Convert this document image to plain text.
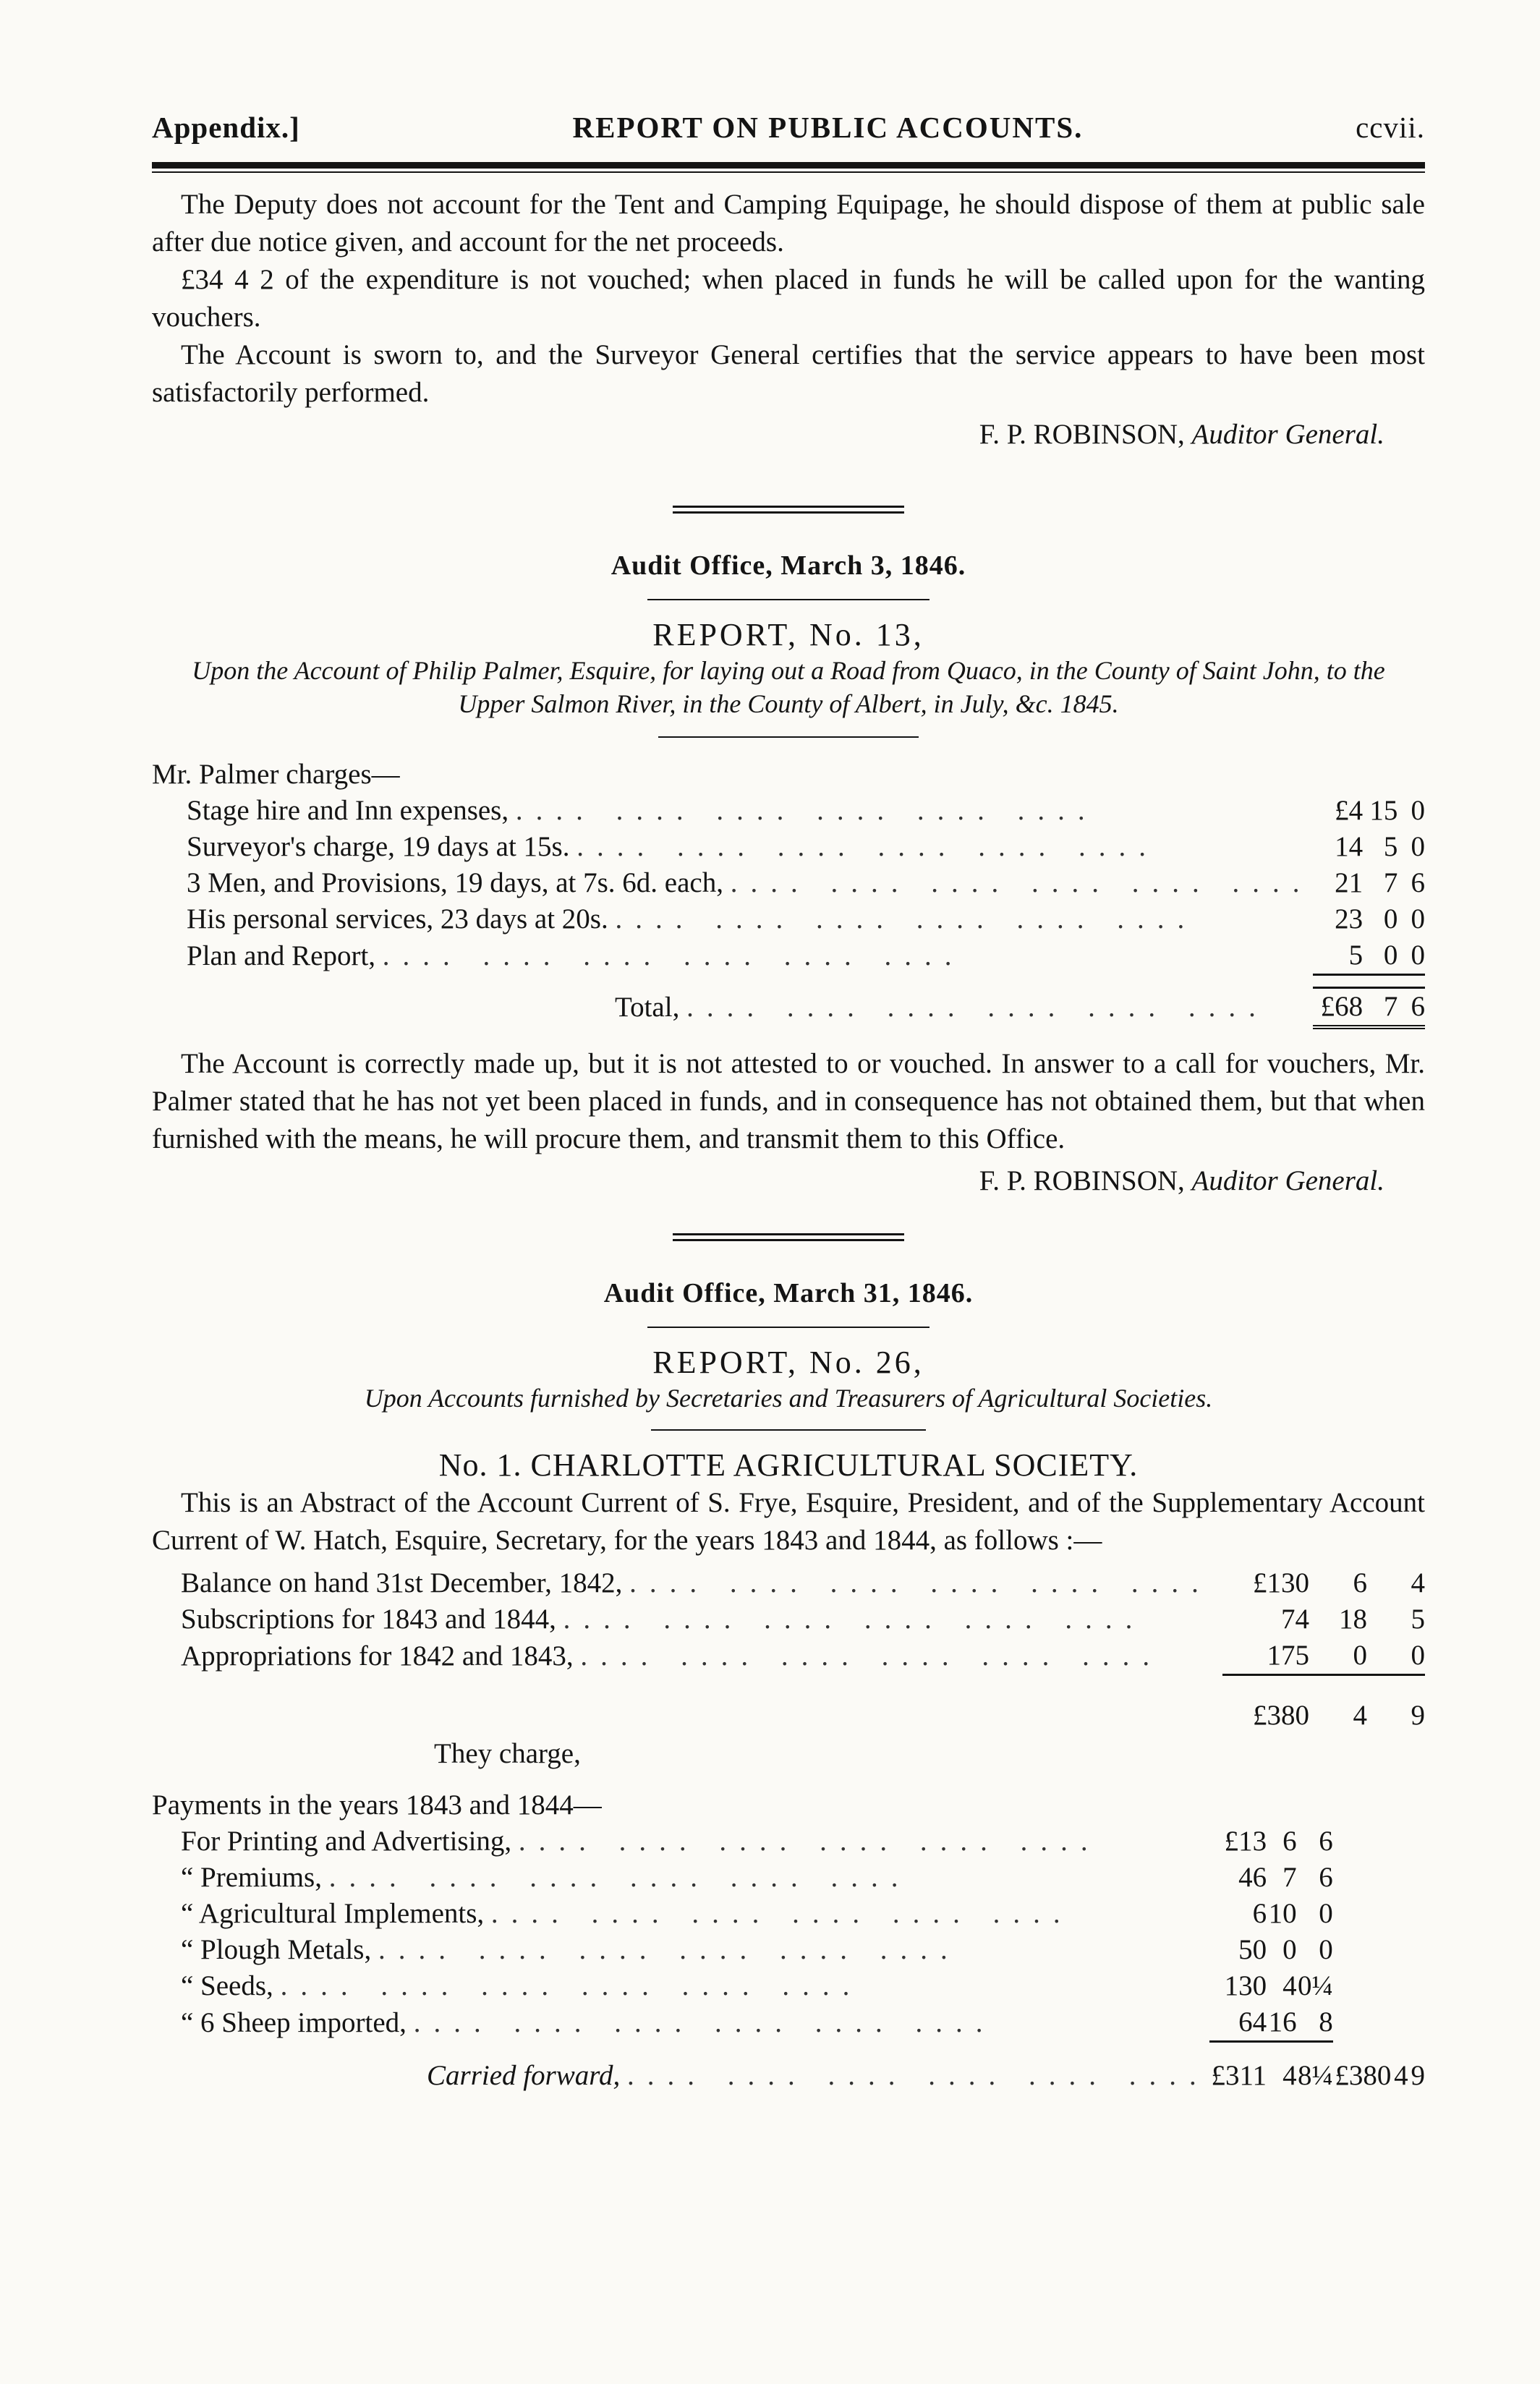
Appendix.]	REPORT ON PUBLIC ACCOUNTS.	ccvii.

The Deputy does not account for the Tent and Camping Equipage, he should dispose of them at public sale after due notice given, and account for the net proceeds.

£34 4 2 of the expenditure is not vouched; when placed in funds he will be called upon for the wanting vouchers.

The Account is sworn to, and the Surveyor General certifies that the service appears to have been most satisfactorily performed.

F. P. ROBINSON, Auditor General.
Audit Office, March 3, 1846.
REPORT, No. 13,
Upon the Account of Philip Palmer, Esquire, for laying out a Road from Quaco, in the County of Saint John, to the Upper Salmon River, in the County of Albert, in July, &c. 1845.
Mr. Palmer charges—			
Stage hire and Inn expenses, .... .... .... .... .... ....	£4	15	0
Surveyor's charge, 19 days at 15s. .... .... .... .... .... ....	14	5	0
3 Men, and Provisions, 19 days, at 7s. 6d. each, .... .... .... .... .... ....	21	7	6
His personal services, 23 days at 20s. .... .... .... .... .... ....	23	0	0
Plan and Report, .... .... .... .... .... ....	5	0	0

Total, .... .... .... .... .... ....	£68	7	6

The Account is correctly made up, but it is not attested to or vouched. In answer to a call for vouchers, Mr. Palmer stated that he has not yet been placed in funds, and in consequence has not obtained them, but that when furnished with the means, he will procure them, and transmit them to this Office.

F. P. ROBINSON, Auditor General.
Audit Office, March 31, 1846.
REPORT, No. 26,
Upon Accounts furnished by Secretaries and Treasurers of Agricultural Societies.
No. 1. CHARLOTTE AGRICULTURAL SOCIETY.

This is an Abstract of the Account Current of S. Frye, Esquire, President, and of the Supplementary Account Current of W. Hatch, Esquire, Secretary, for the years 1843 and 1844, as follows :—

Balance on hand 31st December, 1842, .... .... .... .... .... ....	£130	6	4
Subscriptions for 1843 and 1844, .... .... .... .... .... ....	74	18	5
Appropriations for 1842 and 1843, .... .... .... .... .... ....	175	0	0

	£380	4	9
They charge,
Payments in the years 1843 and 1844—						
For Printing and Advertising, .... .... .... .... .... ....	£13	6	6			
“ Premiums, .... .... .... .... .... ....	46	7	6			
“ Agricultural Implements, .... .... .... .... .... ....	6	10	0			
“ Plough Metals, .... .... .... .... .... ....	50	0	0			
“ Seeds, .... .... .... .... .... ....	130	4	0¼			
“ 6 Sheep imported, .... .... .... .... .... ....	64	16	8			

Carried forward, .... .... .... .... .... ....	£311	4	8¼	£380	4	9
